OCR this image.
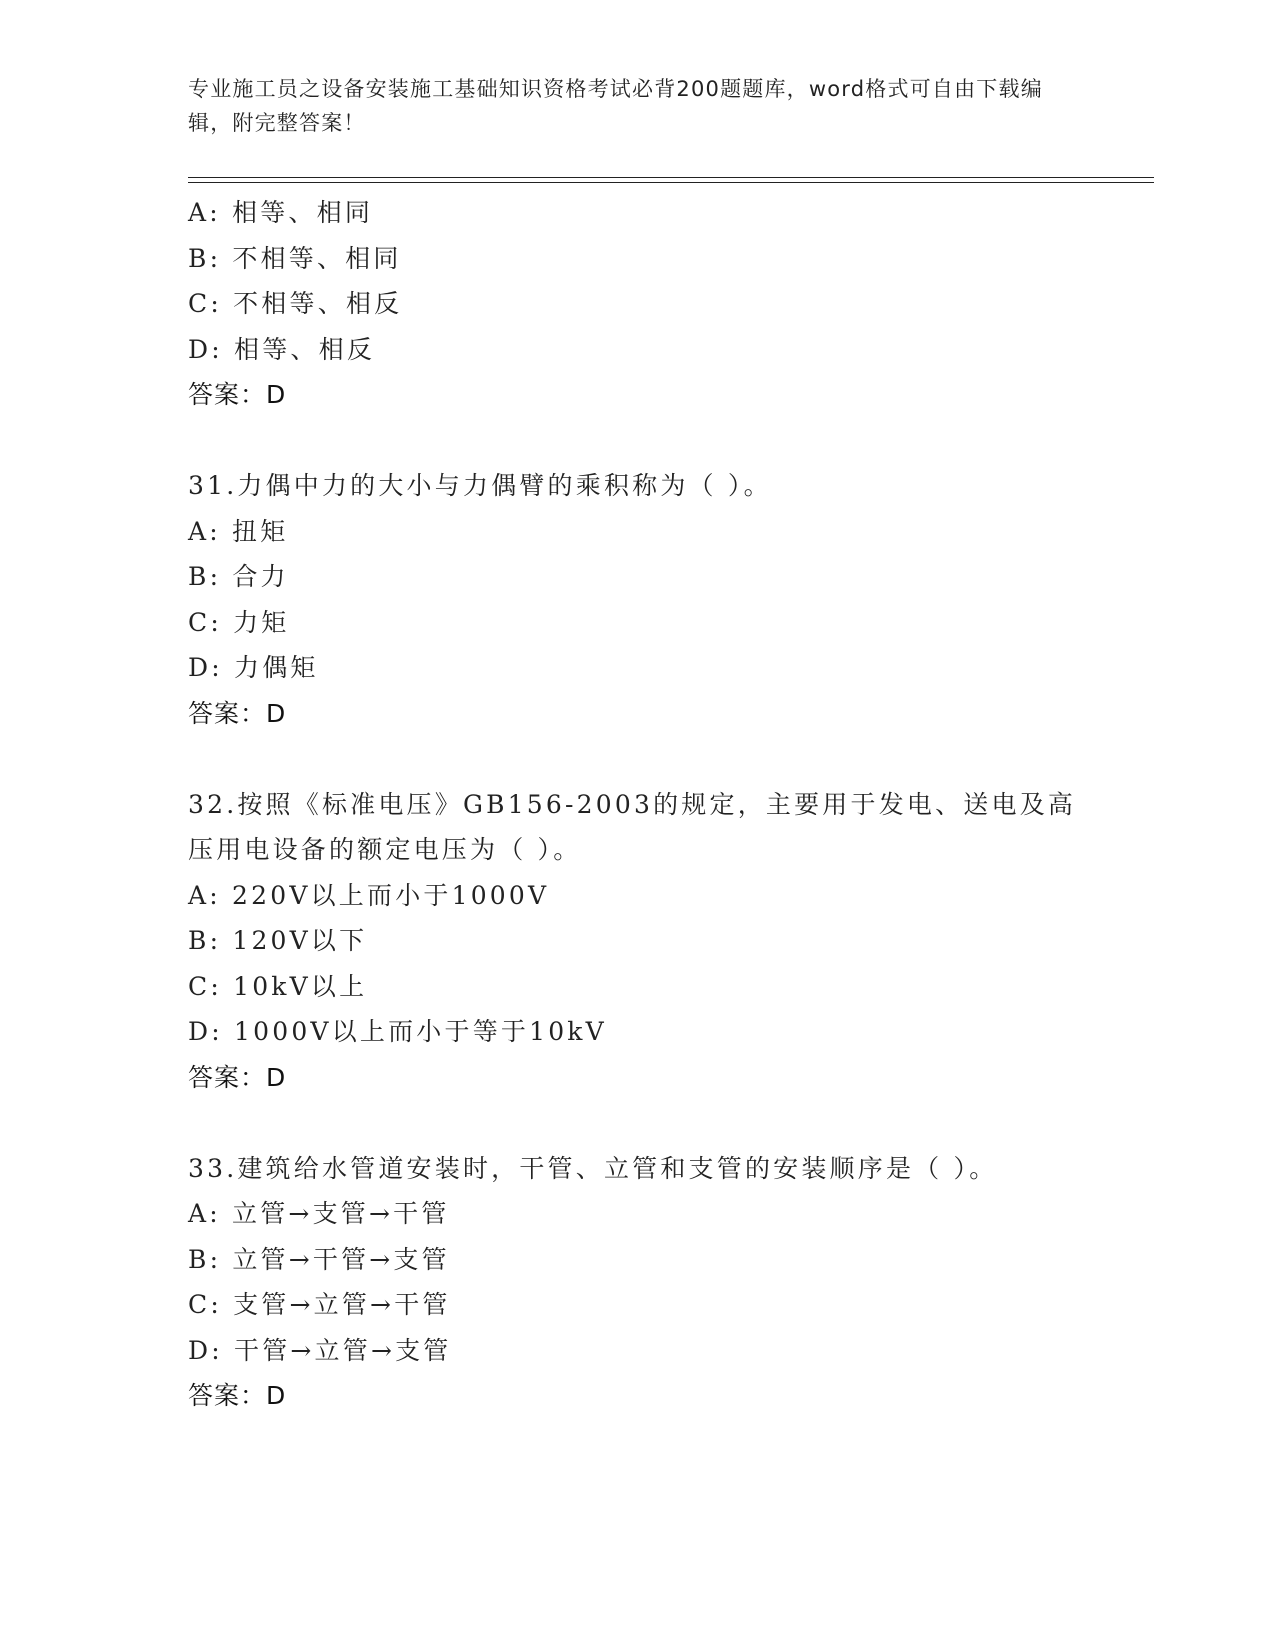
专业施工员之设备安装施工基础知识资格考试必背200题题库，word格式可自由下载编辑，附完整答案！
A: 相等、相同
B: 不相等、相同
C: 不相等、相反
D: 相等、相反
答案：D
31.力偶中力的大小与力偶臂的乘积称为（ ）。
A: 扭矩
B: 合力
C: 力矩
D: 力偶矩
答案：D
32.按照《标准电压》GB156-2003的规定，主要用于发电、送电及高压用电设备的额定电压为（ ）。
A: 220V以上而小于1000V
B: 120V以下
C: 10kV以上
D: 1000V以上而小于等于10kV
答案：D
33.建筑给水管道安装时，干管、立管和支管的安装顺序是（ ）。
A: 立管→支管→干管
B: 立管→干管→支管
C: 支管→立管→干管
D: 干管→立管→支管
答案：D
